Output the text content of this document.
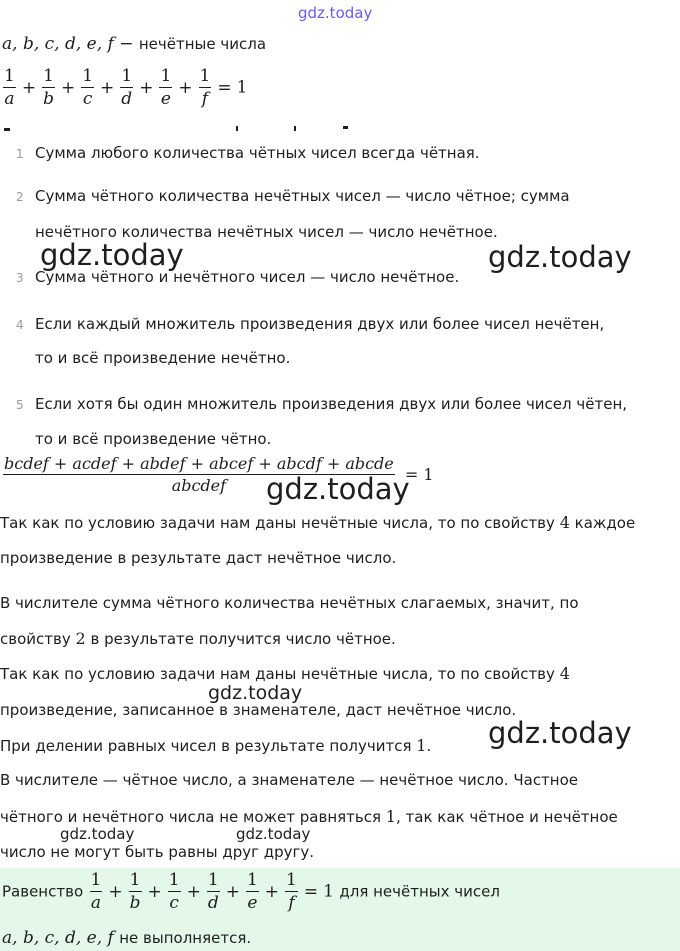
gdz.today
a, b, c, d, e, f − нечётные числа
$\frac{1}{a} + \frac{1}{b} + \frac{1}{c} + \frac{1}{d} + \frac{1}{e} + \frac{1}{f} = 1$
1 Сумма любого количества чётных чисел всегда чётная.
2 Сумма чётного количества нечётных чисел — число чётное; сумма
нечётного количества нечётных чисел — число нечётное.
3 Сумма чётного и нечётного чисел — число нечётное.
4 Если каждый множитель произведения двух или более чисел нечётен,
то и всё произведение нечётно.
5 Если хотя бы один множитель произведения двух или более чисел чётен,
то и всё произведение чётно.
$\frac{\text{bcdef + acdef + abdef + abcef + abcdf + abcde}}{\text{abcdef}} = 1$
Так как по условию задачи нам даны нечётные числа, то по свойству 4 каждое
произведение в результате даст нечётное число.
В числителе сумма чётного количества нечётных слагаемых, значит, по
свойству 2 в результате получится число чётное.
Так как по условию задачи нам даны нечётные числа, то по свойству 4
произведение, записанное в знаменателе, даст нечётное число.
При делении равных чисел в результате получится 1.
В числителе — чётное число, а знаменателе — нечётное число. Частное
чётного и нечётного числа не может равняться 1, так как чётное и нечётное
число не могут быть равны друг другу.
Равенство $\frac{1}{a} + \frac{1}{b} + \frac{1}{c} + \frac{1}{d} + \frac{1}{e} + \frac{1}{f} = 1$ для нечётных чисел
a, b, c, d, e, f не выполняется.
gdz.today	gdz.today
gdz.today
gdz.today
gdz.today
gdz.today	gdz.today
